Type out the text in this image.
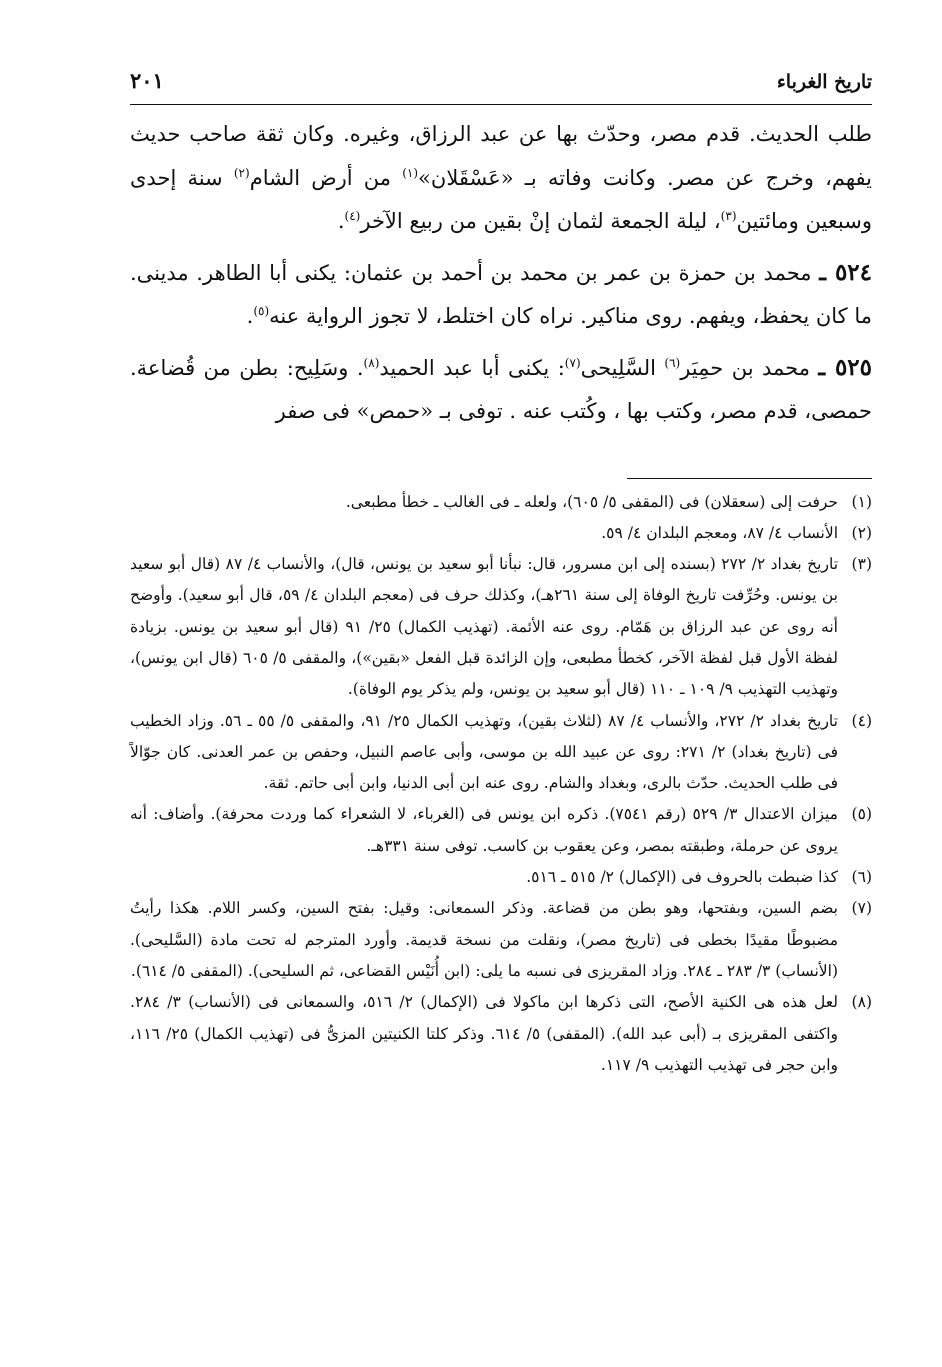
تاريخ الغرباء
٢٠١

طلب الحديث. قدم مصر، وحدّث بها عن عبد الرزاق، وغيره. وكان ثقة صاحب حديث يفهم، وخرج عن مصر. وكانت وفاته بـ «عَسْقَلان»$^{(١)}$ من أرض الشام$^{(٢)}$ سنة إحدى وسبعين ومائتين$^{(٣)}$، ليلة الجمعة لثمان إنْ بقين من ربيع الآخر$^{(٤)}$.

٥٢٤ ـ محمد بن حمزة بن عمر بن محمد بن أحمد بن عثمان: يكنى أبا الطاهر. مدينى. ما كان يحفظ، ويفهم. روى مناكير. نراه كان اختلط، لا تجوز الرواية عنه$^{(٥)}$.

٥٢٥ ـ محمد بن حمِيَر$^{(٦)}$ السَّلِيحى$^{(٧)}$: يكنى أبا عبد الحميد$^{(٨)}$. وسَلِيح: بطن من قُضاعة. حمصى، قدم مصر، وكتب بها ، وكُتب عنه . توفى بـ «حمص» فى صفر

(١)
حرفت إلى (سعقلان) فى (المقفى ٥/ ٦٠٥)، ولعله ـ فى الغالب ـ خطأ مطبعى.

(٢)
الأنساب ٤/ ٨٧، ومعجم البلدان ٤/ ٥٩.

(٣)
تاريخ بغداد ٢/ ٢٧٢ (بسنده إلى ابن مسرور، قال: نبأنا أبو سعيد بن يونس، قال)، والأنساب ٤/ ٨٧ (قال أبو سعيد بن يونس. وحُرِّفت تاريخ الوفاة إلى سنة ٢٦١هـ)، وكذلك حرف فى (معجم البلدان ٤/ ٥٩، قال أبو سعيد). وأوضح أنه روى عن عبد الرزاق بن هَمّام. روى عنه الأئمة. (تهذيب الكمال) ٢٥/ ٩١ (قال أبو سعيد بن يونس. بزيادة لفظة الأول قبل لفظة الآخر، كخطأ مطبعى، وإن الزائدة قبل الفعل «بقين»)، والمقفى ٥/ ٦٠٥ (قال ابن يونس)، وتهذيب التهذيب ٩/ ١٠٩ ـ ١١٠ (قال أبو سعيد بن يونس، ولم يذكر يوم الوفاة).

(٤)
تاريخ بغداد ٢/ ٢٧٢، والأنساب ٤/ ٨٧ (لثلاث بقين)، وتهذيب الكمال ٢٥/ ٩١، والمقفى ٥/ ٥٥ ـ ٥٦. وزاد الخطيب فى (تاريخ بغداد) ٢/ ٢٧١: روى عن عبيد الله بن موسى، وأبى عاصم النبيل، وحفص بن عمر العدنى. كان جوّالاً فى طلب الحديث. حدّث بالرى، وبغداد والشام. روى عنه ابن أبى الدنيا، وابن أبى حاتم. ثقة.

(٥)
ميزان الاعتدال ٣/ ٥٢٩ (رقم ٧٥٤١). ذكره ابن يونس فى (الغرباء، لا الشعراء كما وردت محرفة). وأضاف: أنه يروى عن حرملة، وطبقته بمصر، وعن يعقوب بن كاسب. توفى سنة ٣٣١هـ.

(٦)
كذا ضبطت بالحروف فى (الإكمال) ٢/ ٥١٥ ـ ٥١٦.

(٧)
بضم السين، وبفتحها، وهو بطن من قضاعة. وذكر السمعانى: وقيل: بفتح السين، وكسر اللام. هكذا رأيتُ مضبوطًا مقيدًا بخطى فى (تاريخ مصر)، ونقلت من نسخة قديمة. وأورد المترجم له تحت مادة (السَّليحى). (الأنساب) ٣/ ٢٨٣ ـ ٢٨٤. وزاد المقريزى فى نسبه ما يلى: (ابن أُنَيْس القضاعى، ثم السليحى). (المقفى ٥/ ٦١٤).

(٨)
لعل هذه هى الكنية الأصح، التى ذكرها ابن ماكولا فى (الإكمال) ٢/ ٥١٦، والسمعانى فى (الأنساب) ٣/ ٢٨٤. واكتفى المقريزى بـ (أبى عبد الله). (المقفى) ٥/ ٦١٤. وذكر كلتا الكنيتين المزىُّ فى (تهذيب الكمال) ٢٥/ ١١٦، وابن حجر فى تهذيب التهذيب ٩/ ١١٧.
